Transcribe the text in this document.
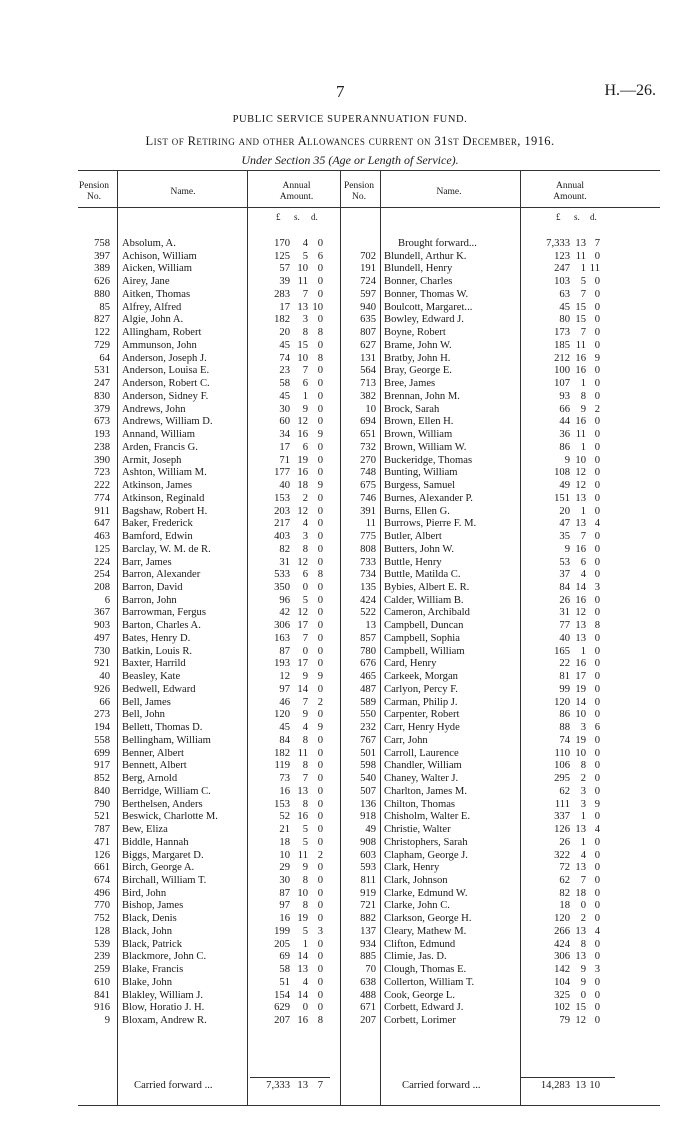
7	H.—26.
PUBLIC SERVICE SUPERANNUATION FUND.
List of Retiring and other Allowances current on 31st December, 1916.
Under Section 35 (Age or Length of Service).
Pension
No.	Name.
Annual
Amount.
£ s. d.
Pension
No.	Name.
Annual
Amount.
£ s. d.
758 Absolum, A.	170	4 0
397 Achison, William	125	5 6
389 Aicken, William	57 10 0
626 Airey, Jane	39 11 0
880 Aitken, Thomas	283	7 0
85 Alfrey, Alfred	17 13 10
827 Algie, John A.	182	3 0
122 Allingham, Robert	20	8 8
729 Ammunson, John	45 15 0
64 Anderson, Joseph J.	74 10 8
531 Anderson, Louisa E.	23	7 0
247 Anderson, Robert C.	58	6 0
830 Anderson, Sidney F.	45	1 0
379 Andrews, John	30	9 0
673 Andrews, William D.	60 12 0
193 Annand, William	34 16 9
238 Arden, Francis G.	17	6 0
390 Armit, Joseph	71 19 0
723 Ashton, William M.	177 16 0
222 Atkinson, James	40 18 9
774 Atkinson, Reginald	153	2 0
911 Bagshaw, Robert H.	203 12 0
647 Baker, Frederick	217	4 0
463 Bamford, Edwin	403	3 0
125 Barclay, W. M. de R.	82	8 0
224 Barr, James	31 12 0
254 Barron, Alexander	533	6 8
208 Barron, David	350	0 0
6 Barron, John	96	5 0
367 Barrowman, Fergus	42 12 0
903 Barton, Charles A.	306 17 0
497 Bates, Henry D.	163	7 0
730 Batkin, Louis R.	87	0 0
921 Baxter, Harrild	193 17 0
40 Beasley, Kate	12	9 9
926 Bedwell, Edward	97 14 0
66 Bell, James	46	7 2
273 Bell, John	120	9 0
194 Bellett, Thomas D.	45	4 9
558 Bellingham, William	84	8 0
699 Benner, Albert	182 11 0
917 Bennett, Albert	119	8 0
852 Berg, Arnold	73	7 0
840 Berridge, William C.	16 13 0
790 Berthelsen, Anders	153	8 0
521 Beswick, Charlotte M.	52 16 0
787 Bew, Eliza	21	5 0
471 Biddle, Hannah	18	5 0
126 Biggs, Margaret D.	10 11 2
661 Birch, George A.	29	9 0
674 Birchall, William T.	30	8 0
496 Bird, John	87 10 0
770 Bishop, James	97	8 0
752 Black, Denis	16 19 0
128 Black, John	199	5 3
539 Black, Patrick	205	1 0
239 Blackmore, John C.	69 14 0
259 Blake, Francis	58 13 0
610 Blake, John	51	4 0
841 Blakley, William J.	154 14 0
916 Blow, Horatio J. H.	629	0 0
9 Bloxam, Andrew R.	207 16 8
Brought forward...	7,333 13 7
702 Blundell, Arthur K.	123 11 0
191 Blundell, Henry	247	1 11
724 Bonner, Charles	103	5 0
597 Bonner, Thomas W.	63	7 0
940 Boulcott, Margaret...	45 15 0
635 Bowley, Edward J.	80 15 0
807 Boyne, Robert	173	7 0
627 Brame, John W.	185 11 0
131 Bratby, John H.	212 16 9
564 Bray, George E.	100 16 0
713 Bree, James	107	1 0
382 Brennan, John M.	93	8 0
10 Brock, Sarah	66	9 2
694 Brown, Ellen H.	44 16 0
651 Brown, William	36 11 0
732 Brown, William W.	86	1 0
270 Buckeridge, Thomas	9 10 0
748 Bunting, William	108 12 0
675 Burgess, Samuel	49 12 0
746 Burnes, Alexander P.	151 13 0
391 Burns, Ellen G.	20	1 0
11 Burrows, Pierre F. M.	47 13 4
775 Butler, Albert	35	7 0
808 Butters, John W.	9 16 0
733 Buttle, Henry	53	6 0
734 Buttle, Matilda C.	37	4 0
135 Bybies, Albert E. R.	84 14 3
424 Calder, William B.	26 16 0
522 Cameron, Archibald	31 12 0
13 Campbell, Duncan	77 13 8
857 Campbell, Sophia	40 13 0
780 Campbell, William	165	1 0
676 Card, Henry	22 16 0
465 Carkeek, Morgan	81 17 0
487 Carlyon, Percy F.	99 19 0
589 Carman, Philip J.	120 14 0
550 Carpenter, Robert	86 10 0
232 Carr, Henry Hyde	88	3 6
767 Carr, John	74 19 0
501 Carroll, Laurence	110 10 0
598 Chandler, William	106	8 0
540 Chaney, Walter J.	295	2 0
507 Charlton, James M.	62	3 0
136 Chilton, Thomas	111	3 9
918 Chisholm, Walter E.	337	1 0
49 Christie, Walter	126 13 4
908 Christophers, Sarah	26	1 0
603 Clapham, George J.	322	4 0
593 Clark, Henry	72 13 0
811 Clark, Johnson	62	7 0
919 Clarke, Edmund W.	82 18 0
721 Clarke, John C.	18	0 0
882 Clarkson, George H.	120	2 0
137 Cleary, Mathew M.	266 13 4
934 Clifton, Edmund	424	8 0
885 Climie, Jas. D.	306 13 0
70 Clough, Thomas E.	142	9 3
638 Collerton, William T.	104	9 0
488 Cook, George L.	325	0 0
671 Corbett, Edward J.	102 15 0
207 Corbett, Lorimer	79 12 0
Carried forward ...	7,333 13 7	Carried forward ...	14,283 13 10
